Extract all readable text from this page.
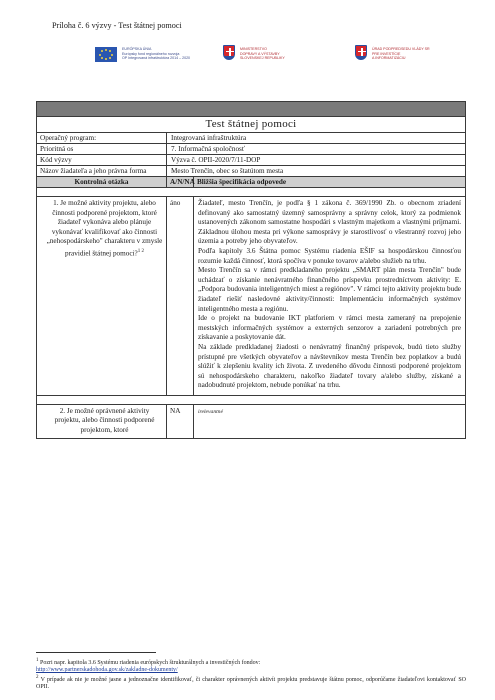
Príloha č. 6 výzvy - Test štátnej pomoci
EURÓPSKA ÚNIA
Európsky fond regionálneho rozvoja
OP Integrovaná infraštruktúra 2014 – 2020
MINISTERSTVO
DOPRAVY A VÝSTAVBY
SLOVENSKEJ REPUBLIKY
ÚRAD PODPREDSEDU VLÁDY SR
PRE INVESTÍCIE
A INFORMATIZÁCIU
Test štátnej pomoci
Operačný program:	Integrovaná infraštruktúra
Prioritná os	7. Informačná spoločnosť
Kód výzvy	Výzva č. OPII-2020/7/11-DOP
Názov žiadateľa a jeho právna forma	Mesto Trenčín, obec so štatútom mesta
Kontrolná otázka	A/N/NA Bližšia špecifikácia odpovede
1. Je možné aktivity projektu, alebo činnosti podporené projektom, ktoré žiadateľ vykonáva alebo plánuje vykonávať kvalifikovať ako činnosti „nehospodárskeho" charakteru v zmysle pravidiel štátnej pomoci?$^{1 2}$
áno	Žiadateľ, mesto Trenčín, je podľa § 1 zákona č. 369/1990 Zb. o obecnom zriadení definovaný ako samostatný územný samosprávny a správny celok, ktorý za podmienok ustanovených zákonom samostatne hospodári s vlastným majetkom a vlastnými príjmami. Základnou úlohou mesta pri výkone samosprávy je starostlivosť o všestranný rozvoj jeho územia a potreby jeho obyvateľov.

Podľa kapitoly 3.6 Štátna pomoc Systému riadenia EŠIF sa hospodárskou činnosťou rozumie každá činnosť, ktorá spočíva v ponuke tovarov a/alebo služieb na trhu.

Mesto Trenčín sa v rámci predkladaného projektu „SMART plán mesta Trenčín" bude uchádzať o získanie nenávratného finančného príspevku prostredníctvom aktivity: E. „Podpora budovania inteligentných miest a regiónov". V rámci tejto aktivity projektu bude žiadateľ riešiť nasledovné aktivity/činnosti: Implementáciu informačných systémov inteligentného mesta a regiónu.

Ide o projekt na budovanie IKT platforiem v rámci mesta zameraný na prepojenie mestských informačných systémov a externých senzorov a zariadení potrebných pre získavanie a poskytovanie dát.

Na základe predkladanej žiadosti o nenávratný finančný príspevok, budú tieto služby prístupné pre všetkých obyvateľov a návštevníkov mesta Trenčín bez poplatkov a budú slúžiť k zlepšeniu kvality ich života. Z uvedeného dôvodu činnosti podporené projektom sú nehospodárskeho charakteru, nakoľko žiadateľ tovary a/alebo služby, získané a nadobudnuté projektom, nebude ponúkať na trhu.

2. Je možné oprávnené aktivity projektu, alebo činnosti podporené projektom, ktoré
NA	irelevantné
$^1$ Pozri napr. kapitola 3.6 Systému riadenia európskych štrukturálnych a investičných fondov:
http://www.partnerskadohoda.gov.sk/zakladne-dokumenty/
$^2$ V prípade ak nie je možné jasne a jednoznačne identifikovať, či charakter oprávnených aktivít projektu predstavuje štátnu pomoc, odporúčame žiadateľovi kontaktovať SO OPII.
